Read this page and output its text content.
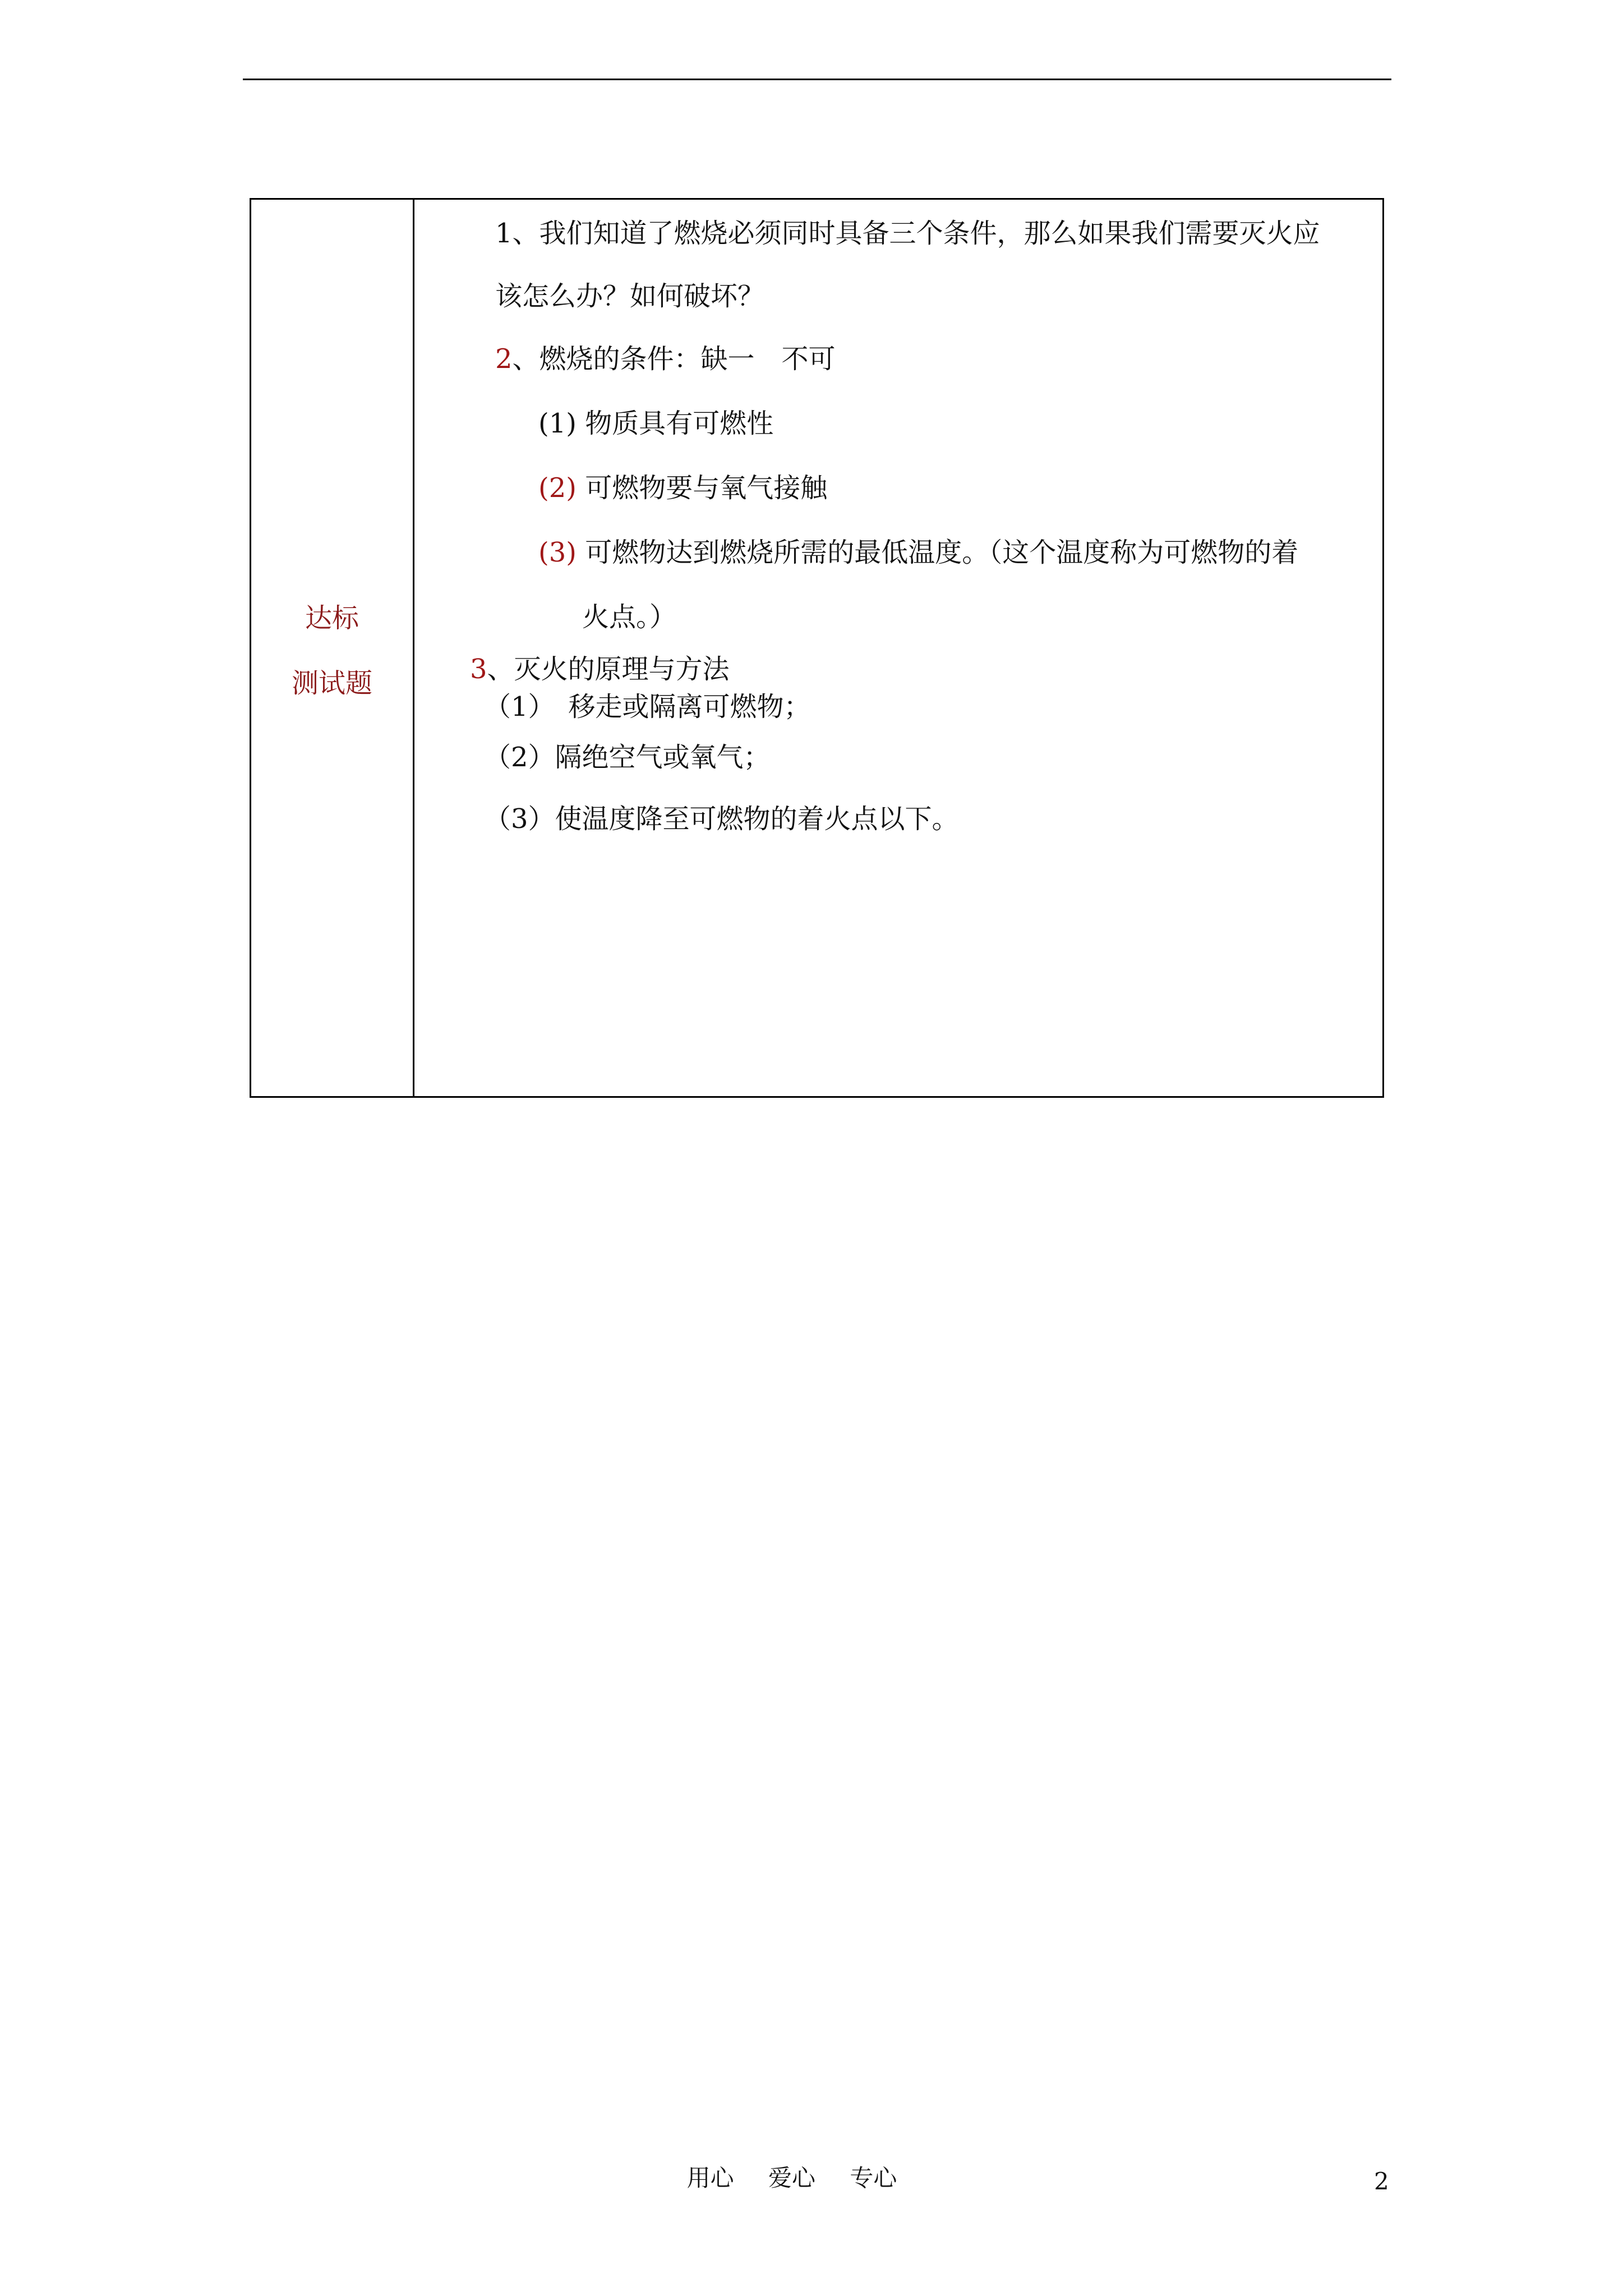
达标
测试题
1、我们知道了燃烧必须同时具备三个条件，那么如果我们需要灭火应
该怎么办？如何破坏？
2、燃烧的条件：缺一　不可
(1) 物质具有可燃性
(2) 可燃物要与氧气接触
(3) 可燃物达到燃烧所需的最低温度。（这个温度称为可燃物的着
火点。）
3、灭火的原理与方法
（1）　移走或隔离可燃物；
（2）隔绝空气或氧气；
（3）使温度降至可燃物的着火点以下。
用心 爱心 专心	2
